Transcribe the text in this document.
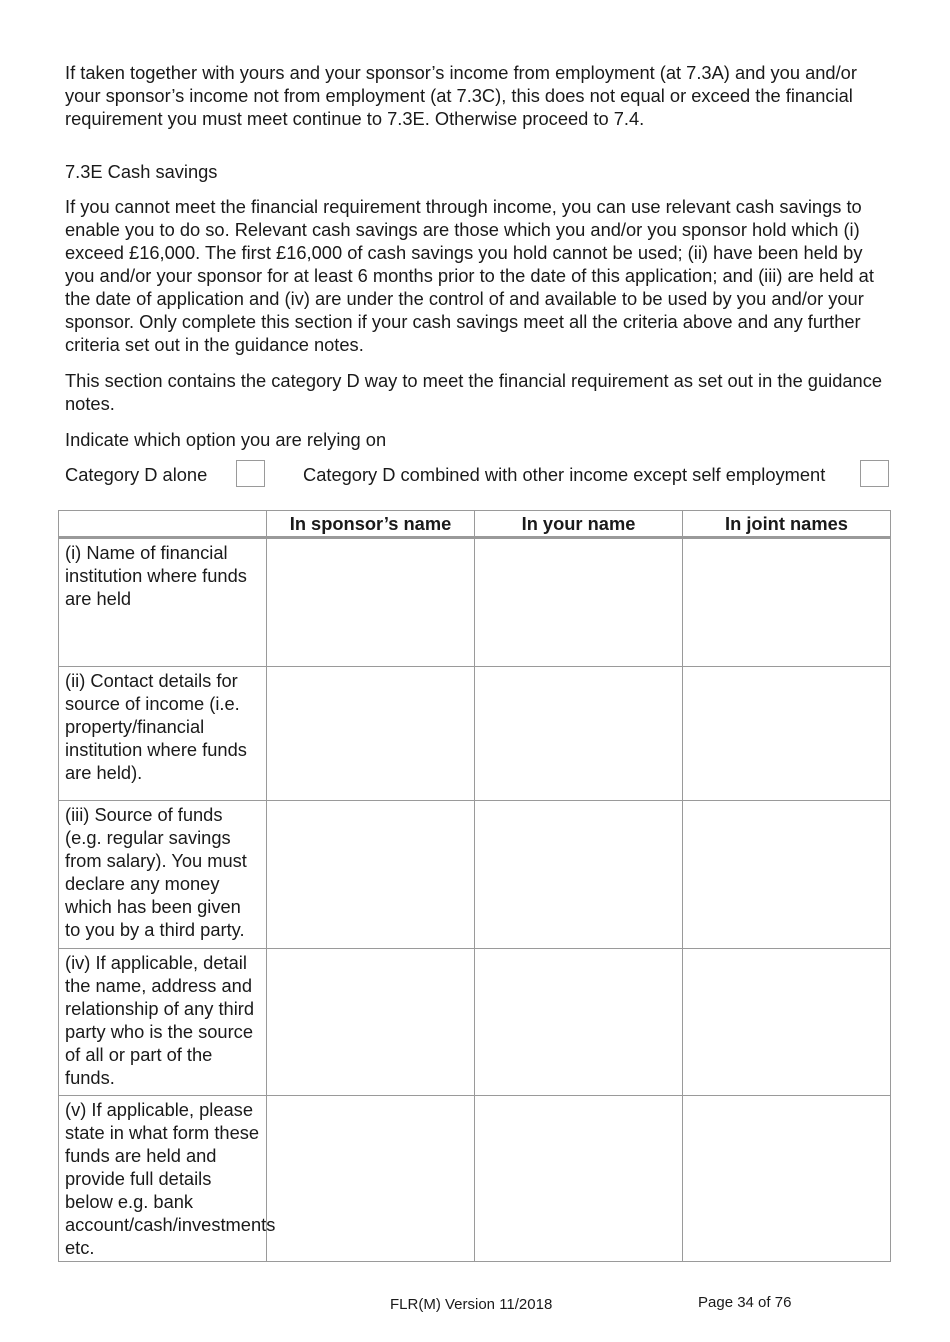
If taken together with yours and your sponsor’s income from employment (at 7.3A) and you and/or your sponsor’s income not from employment (at 7.3C), this does not equal or exceed the financial requirement you must meet continue to 7.3E. Otherwise proceed to 7.4.

7.3E Cash savings

If you cannot meet the financial requirement through income, you can use relevant cash savings to enable you to do so. Relevant cash savings are those which you and/or you sponsor hold which (i) exceed £16,000. The first £16,000 of cash savings you hold cannot be used; (ii) have been held by you and/or your sponsor for at least 6 months prior to the date of this application; and (iii) are held at the date of application and (iv) are under the control of and available to be used by you and/or your sponsor. Only complete this section if your cash savings meet all the criteria above and any further criteria set out in the guidance notes.

This section contains the category D way to meet the financial requirement as set out in the guidance notes.

Indicate which option you are relying on

Category D alone	Category D combined with other income except self employment
	In sponsor’s name	In your name	In joint names
(i) Name of financial institution where funds are held			
(ii) Contact details for source of income (i.e. property/financial institution where funds are held).			
(iii) Source of funds (e.g. regular savings from salary). You must declare any money which has been given to you by a third party.			
(iv) If applicable, detail the name, address and relationship of any third party who is the source of all or part of the funds.			
(v) If applicable, please state in what form these funds are held and provide full details below e.g. bank account/cash/investments etc.			
FLR(M) Version 11/2018	Page 34 of 76
